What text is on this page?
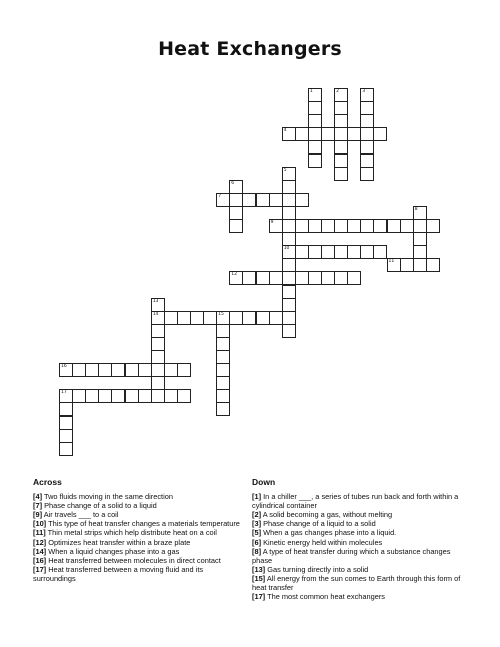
Heat Exchangers
1	2	3
4
5
10
6
7
8
9
11
12
13
14	15
16
17
Across
[4] Two fluids moving in the same direction
[7] Phase change of a solid to a liquid
[9] Air travels ___ to a coil
[10] This type of heat transfer changes a materials temperature
[11] Thin metal strips which help distribute heat on a coil
[12] Optimizes heat transfer within a braze plate
[14] When a liquid changes phase into a gas
[16] Heat transferred between molecules in direct contact
[17] Heat transferred between a moving fluid and its surroundings
Down
[1] In a chiller ___, a series of tubes run back and forth within a cylindrical container
[2] A solid becoming a gas, without melting
[3] Phase change of a liquid to a solid
[5] When a gas changes phase into a liquid.
[6] Kinetic energy held within molecules
[8] A type of heat transfer during which a substance changes phase
[13] Gas turning directly into a solid
[15] All energy from the sun comes to Earth through this form of heat transfer
[17] The most common heat exchangers
